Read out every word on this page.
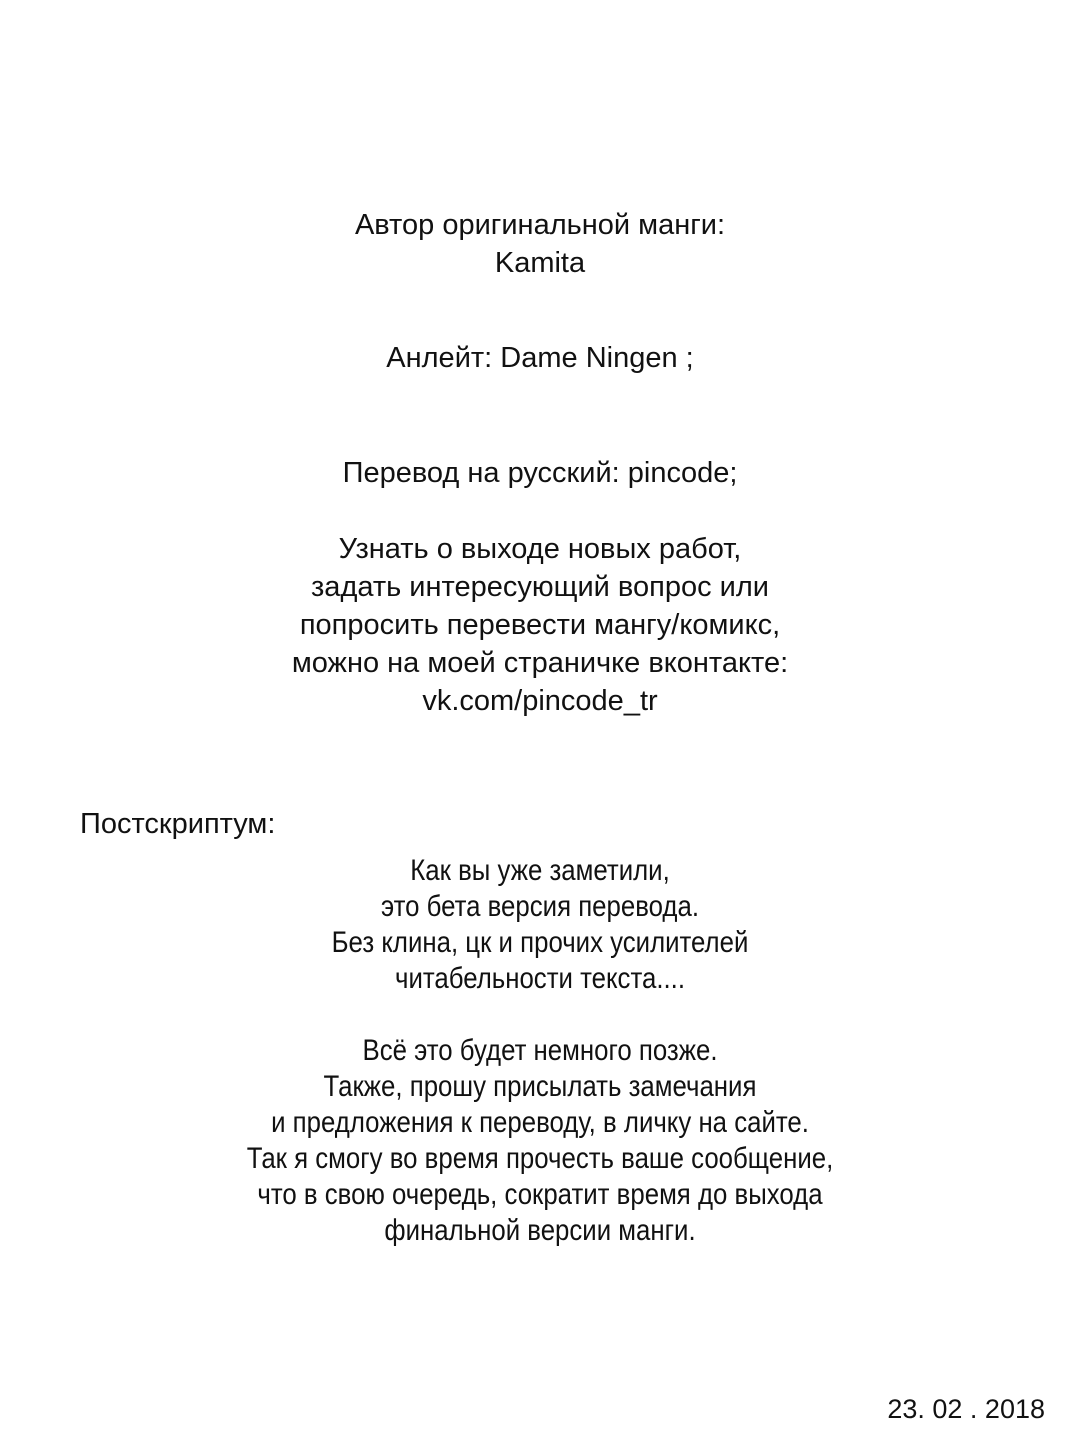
Автор оригинальной манги:
Kamita
Анлейт: Dame Ningen ;
Перевод на русский: pincode;
Узнать о выходе новых работ,
задать интересующий вопрос или
попросить перевести мангу/комикс,
можно на моей страничке вконтакте:
vk.com/pincode_tr
Постскриптум:
Как вы уже заметили,
это бета версия перевода.
Без клина, цк и прочих усилителей
читабельности текста....
Всё это будет немного позже.
Также, прошу присылать замечания
и предложения к переводу, в личку на сайте.
Так я смогу во время прочесть ваше сообщение,
что в свою очередь, сократит время до выхода
финальной версии манги.
23. 02 . 2018
